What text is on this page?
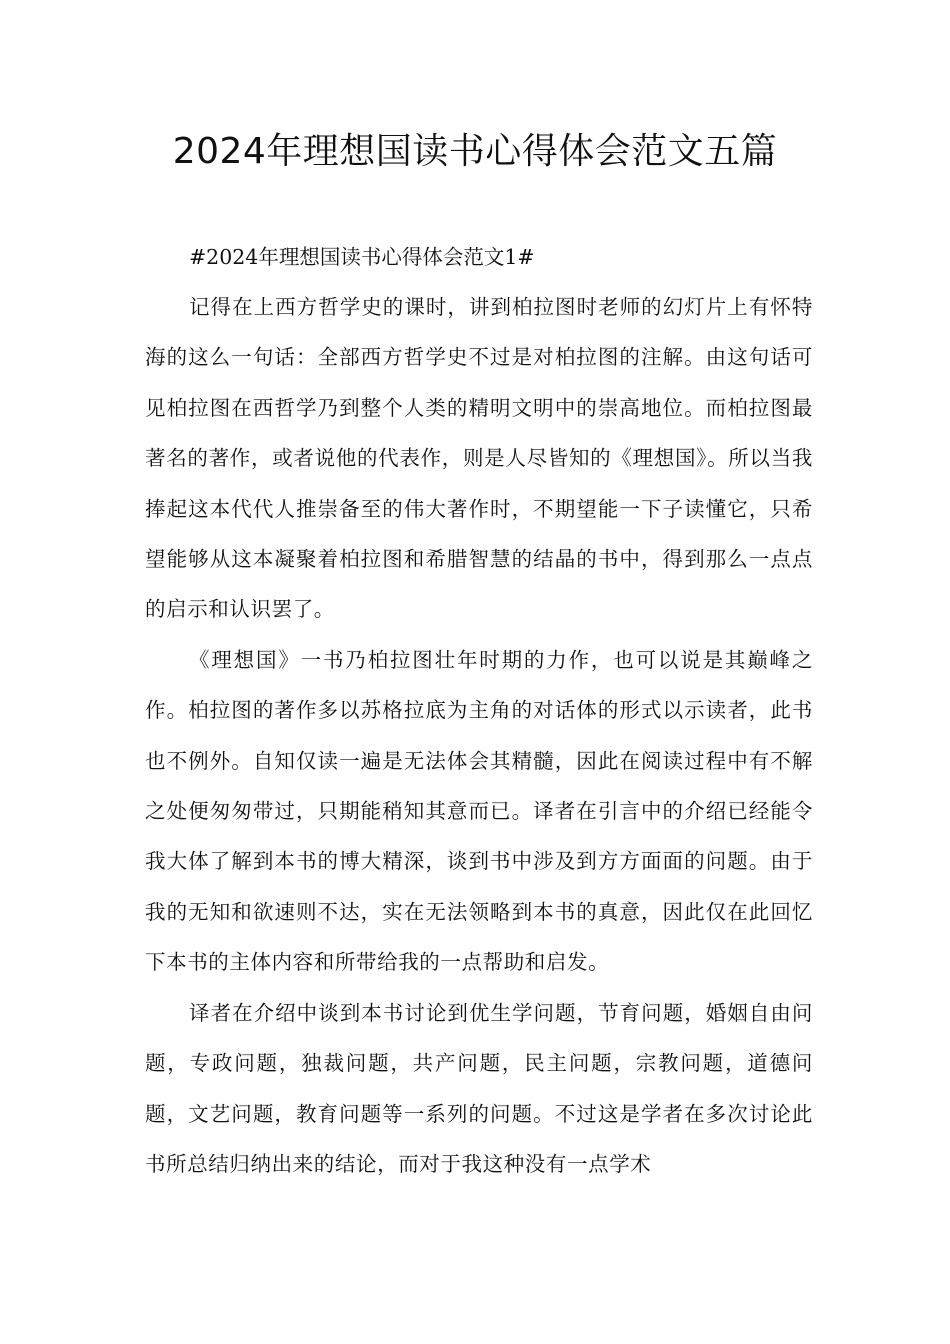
2024年理想国读书心得体会范文五篇

#2024年理想国读书心得体会范文1#

记得在上西方哲学史的课时，讲到柏拉图时老师的幻灯片上有怀特海的这么一句话：全部西方哲学史不过是对柏拉图的注解。由这句话可见柏拉图在西哲学乃到整个人类的精明文明中的崇高地位。而柏拉图最著名的著作，或者说他的代表作，则是人尽皆知的《理想国》。所以当我捧起这本代代人推崇备至的伟大著作时，不期望能一下子读懂它，只希望能够从这本凝聚着柏拉图和希腊智慧的结晶的书中，得到那么一点点的启示和认识罢了。

《理想国》一书乃柏拉图壮年时期的力作，也可以说是其巅峰之作。柏拉图的著作多以苏格拉底为主角的对话体的形式以示读者，此书也不例外。自知仅读一遍是无法体会其精髓，因此在阅读过程中有不解之处便匆匆带过，只期能稍知其意而已。译者在引言中的介绍已经能令我大体了解到本书的博大精深，谈到书中涉及到方方面面的问题。由于我的无知和欲速则不达，实在无法领略到本书的真意，因此仅在此回忆下本书的主体内容和所带给我的一点帮助和启发。

译者在介绍中谈到本书讨论到优生学问题，节育问题，婚姻自由问题，专政问题，独裁问题，共产问题，民主问题，宗教问题，道德问题，文艺问题，教育问题等一系列的问题。不过这是学者在多次讨论此书所总结归纳出来的结论，而对于我这种没有一点学术
